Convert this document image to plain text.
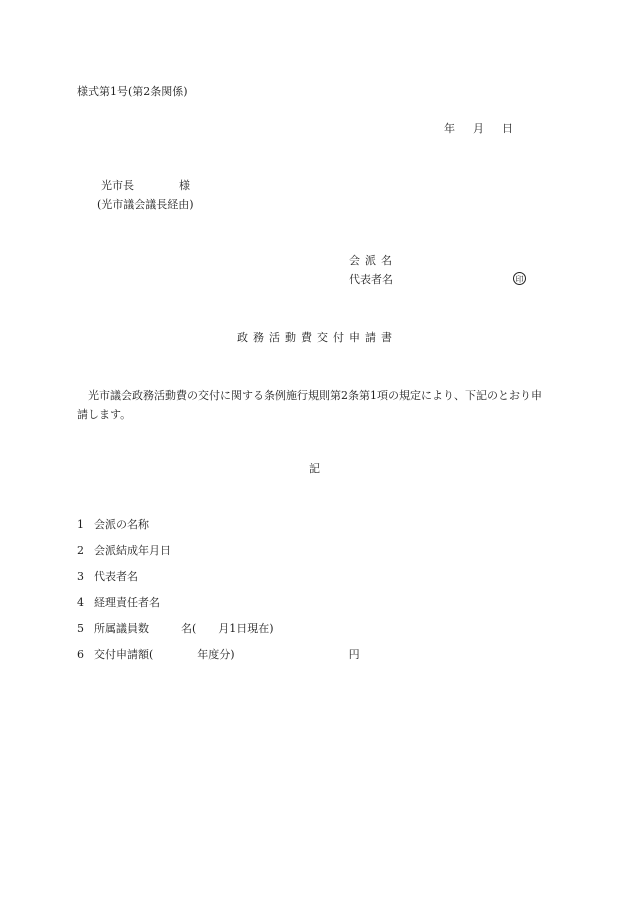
様式第1号(第2条関係)
年 月 日
光市長	様
(光市議会議長経由)
会派名
代表者名	印
政務活動費交付申請書
光市議会政務活動費の交付に関する条例施行規則第2条第1項の規定により、下記のとおり申請します。
記
1 会派の名称
2 会派結成年月日
3 代表者名
4 経理責任者名
5 所属議員数	名( 月1日現在)
6 交付申請額(	年度分)	円
